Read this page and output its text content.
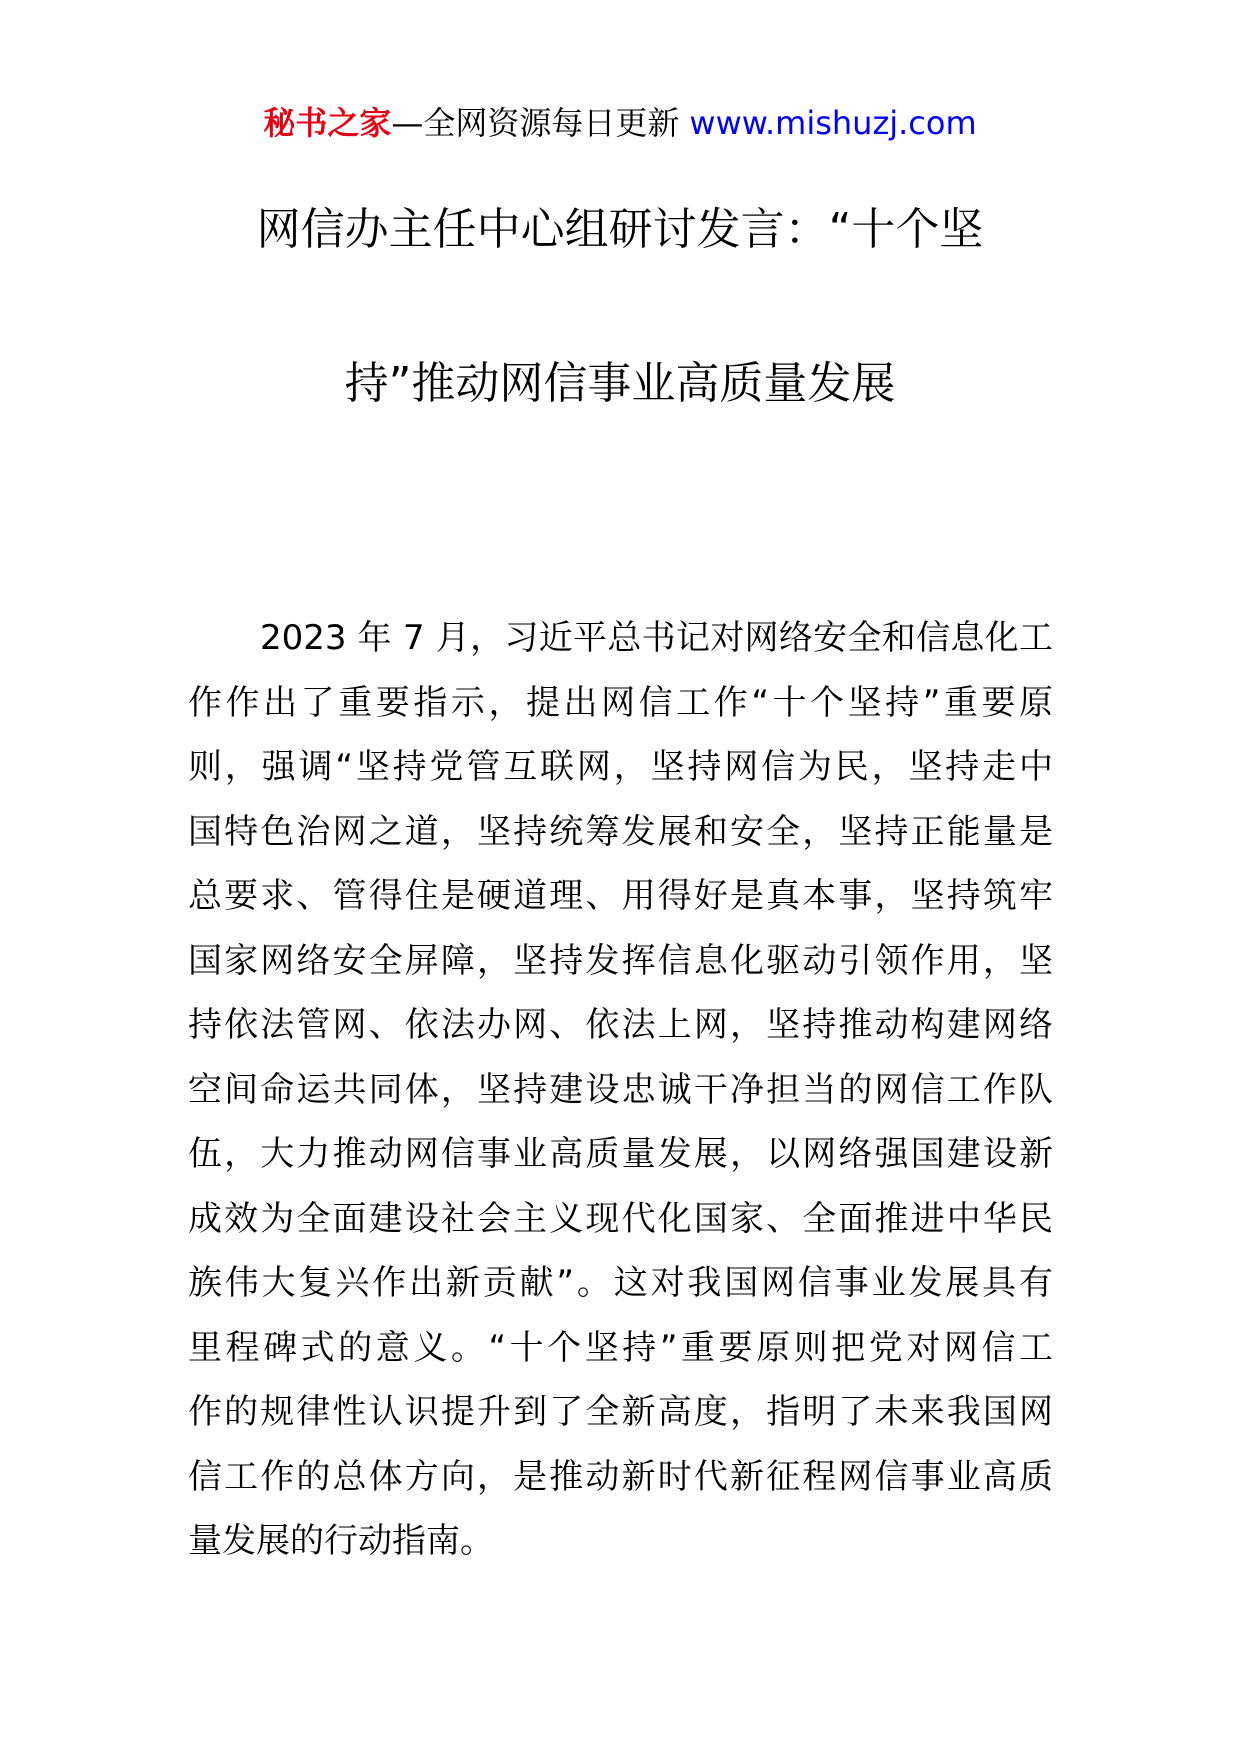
秘书之家—全网资源每日更新 www.mishuzj.com
网信办主任中心组研讨发言：“十个坚
持”推动网信事业高质量发展
2023 年 7 月，习近平总书记对网络安全和信息化工
作作出了重要指示，提出网信工作“十个坚持”重要原
则，强调“坚持党管互联网，坚持网信为民，坚持走中
国特色治网之道，坚持统筹发展和安全，坚持正能量是
总要求、管得住是硬道理、用得好是真本事，坚持筑牢
国家网络安全屏障，坚持发挥信息化驱动引领作用，坚
持依法管网、依法办网、依法上网，坚持推动构建网络
空间命运共同体，坚持建设忠诚干净担当的网信工作队
伍，大力推动网信事业高质量发展，以网络强国建设新
成效为全面建设社会主义现代化国家、全面推进中华民
族伟大复兴作出新贡献”。这对我国网信事业发展具有
里程碑式的意义。“十个坚持”重要原则把党对网信工
作的规律性认识提升到了全新高度，指明了未来我国网
信工作的总体方向，是推动新时代新征程网信事业高质
量发展的行动指南。
